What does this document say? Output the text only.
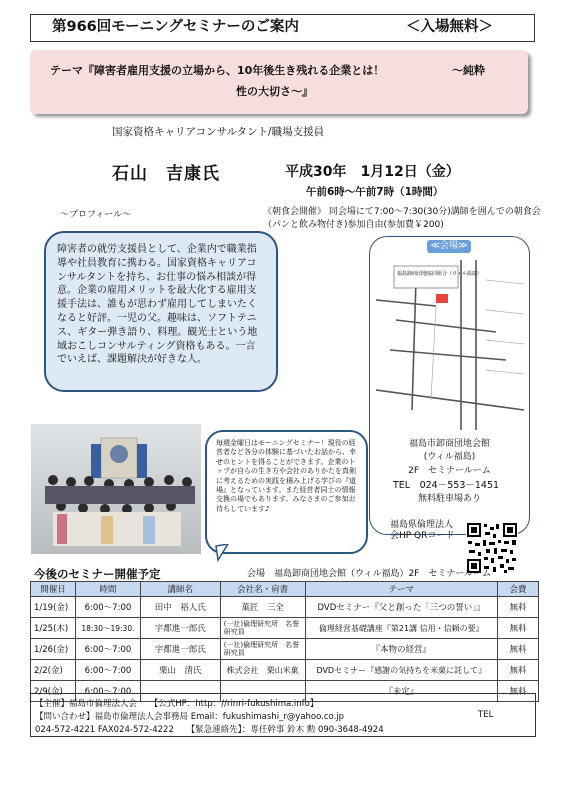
第966回モーニングセミナーのご案内	＜入場無料＞
テーマ『障害者雇用支援の立場から、10年後生き残れる企業とは！	～純粋
性の大切さ～』
国家資格キャリアコンサルタント/職場支援員
石山　吉康氏	平成30年　1月12日（金）
午前6時～午前7時（1時間）
～プロフィール～	《朝食会開催》 同会場にて7:00～7:30(30分)講師を囲んでの朝食会（パンと飲み物付き)参加自由(参加費￥200)
障害者の就労支援員として、企業内で職業指導や社員教育に携わる。国家資格キャリアコンサルタントを持ち、お仕事の悩み相談が得意。企業の雇用メリットを最大化する雇用支援手法は、誰もが思わず雇用してしまいたくなると好評。一児の父。趣味は、ソフトテニス、ギター弾き語り、料理。観光士という地域おこしコンサルティング資格もある。一言でいえば、課題解決が好きな人。
≪会場≫
福島卸商団地協同組合（ウィル福島）
福島市卸商団地会館
(ウィル福島)
2F　セミナールーム
TEL　024－553－1451
無料駐車場あり
毎週金曜日はモーニングセミナー！現役の経営者など各分の体験に基づいたお話から、幸せのヒントを得ることができます。企業のトップが自らの生き方や会社のありかたを真剣に考えるための実践を積み上げる学びの『道場』となっています。また経営者同士の情報交換の場でもあります。みなさまのご参加お待ちしています♪
福島県倫理法人会HP QRコード
今後のセミナー開催予定	会場　福島卸商団地会館（ウィル福島）2F　セミナールーム
開催日	時間	講師名	会社名・肩書	テーマ	会費
1/19(金)	6:00～7:00	田中　裕人氏	菓匠　三全	DVDセミナー『父と創った「三つの誓い」』	無料
1/25(木)	18:30～19:30.	宇都進一郎氏	(一社)倫理研究所　名誉研究員	倫理経営基礎講座『第21講 信用・信頼の要』	無料
1/26(金)	6:00～7:00	宇都進一郎氏	(一社)倫理研究所　名誉研究員	『本物の経営』	無料
2/2(金)	6:00～7:00	栗山　清氏	株式会社　栗山米菓	DVDセミナー『感謝の気持ちを米菓に託して』	無料
2/9(金)	6:00～7:00			『未定』	無料
【主催】福島市倫理法人会　　【公式HP：http：//rinri-fukushima.info】
【問い合わせ】福島市倫理法人会事務局 Email：fukushimashi_r@yahoo.co.jp	TEL
024-572-4221 FAX024-572-4222　　【緊急連絡先】：専任幹事 鈴木 勲 090-3648-4924
